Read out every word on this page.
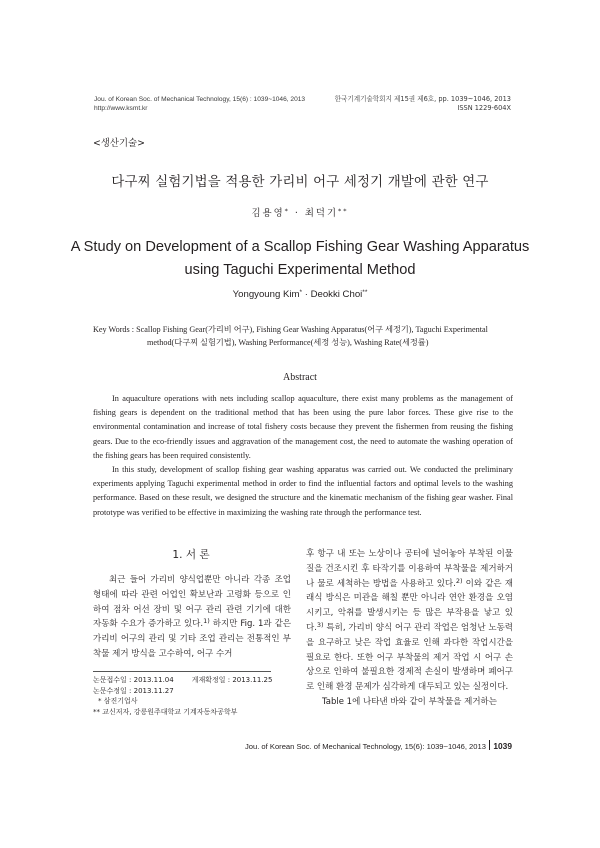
Jou. of Korean Soc. of Mechanical Technology, 15(6) : 1039~1046, 2013
http://www.ksmt.kr
한국기계기술학회지 제15권 제6호, pp. 1039~1046, 2013
ISSN 1229-604X
<생산기술>
다구찌 실험기법을 적용한 가리비 어구 세정기 개발에 관한 연구
김용영* · 최덕기**
A Study on Development of a Scallop Fishing Gear Washing Apparatus
using Taguchi Experimental Method
Yongyoung Kim* · Deokki Choi**
Key Words : Scallop Fishing Gear(가리비 어구), Fishing Gear Washing Apparatus(어구 세정기), Taguchi Experimental
method(다구찌 실험기법), Washing Performance(세정 성능), Washing Rate(세정률)
Abstract

In aquaculture operations with nets including scallop aquaculture, there exist many problems as the management of fishing gears is dependent on the traditional method that has been using the pure labor forces. These give rise to the environmental contamination and increase of total fishery costs because they prevent the fishermen from reusing the fishing gears. Due to the eco-friendly issues and aggravation of the management cost, the need to automate the washing operation of the fishing gears has been required consistently.

In this study, development of scallop fishing gear washing apparatus was carried out. We conducted the preliminary experiments applying Taguchi experimental method in order to find the influential factors and optimal levels to the washing performance. Based on these result, we designed the structure and the kinematic mechanism of the fishing gear washer. Final prototype was verified to be effective in maximizing the washing rate through the performance test.

1. 서 론

최근 들어 가리비 양식업뿐만 아니라 각종 조업 형태에 따라 관련 어업인 확보난과 고령화 등으로 인하여 점차 어선 장비 및 어구 관리 관련 기기에 대한 자동화 수요가 증가하고 있다.$^{1)}$ 하지만 Fig. 1과 같은 가리비 어구의 관리 및 기타 조업 관리는 전통적인 부착물 제거 방식을 고수하여, 어구 수거

후 항구 내 또는 노상이나 공터에 널어놓아 부착된 이물질을 건조시킨 후 타작기를 이용하여 부착물을 제거하거나 물로 세척하는 방법을 사용하고 있다.$^{2)}$ 이와 같은 재래식 방식은 미관을 해칠 뿐만 아니라 연안 환경을 오염시키고, 악취를 발생시키는 등 많은 부작용을 낳고 있다.$^{3)}$ 특히, 가리비 양식 어구 관리 작업은 엄청난 노동력을 요구하고 낮은 작업 효율로 인해 과다한 작업시간을 필요로 한다. 또한 어구 부착물의 제거 작업 시 어구 손상으로 인하여 불필요한 경제적 손실이 발생하며 폐어구로 인해 환경 문제가 심각하게 대두되고 있는 실정이다.

Table 1에 나타낸 바와 같이 부착물을 제거하는

논문접수일 : 2013.11.04	게재확정일 : 2013.11.25
논문수정일 : 2013.11.27
* 삼진기업사
** 교신저자, 강릉원주대학교 기계자동차공학부
Jou. of Korean Soc. of Mechanical Technology, 15(6): 1039~1046, 2013 1039
